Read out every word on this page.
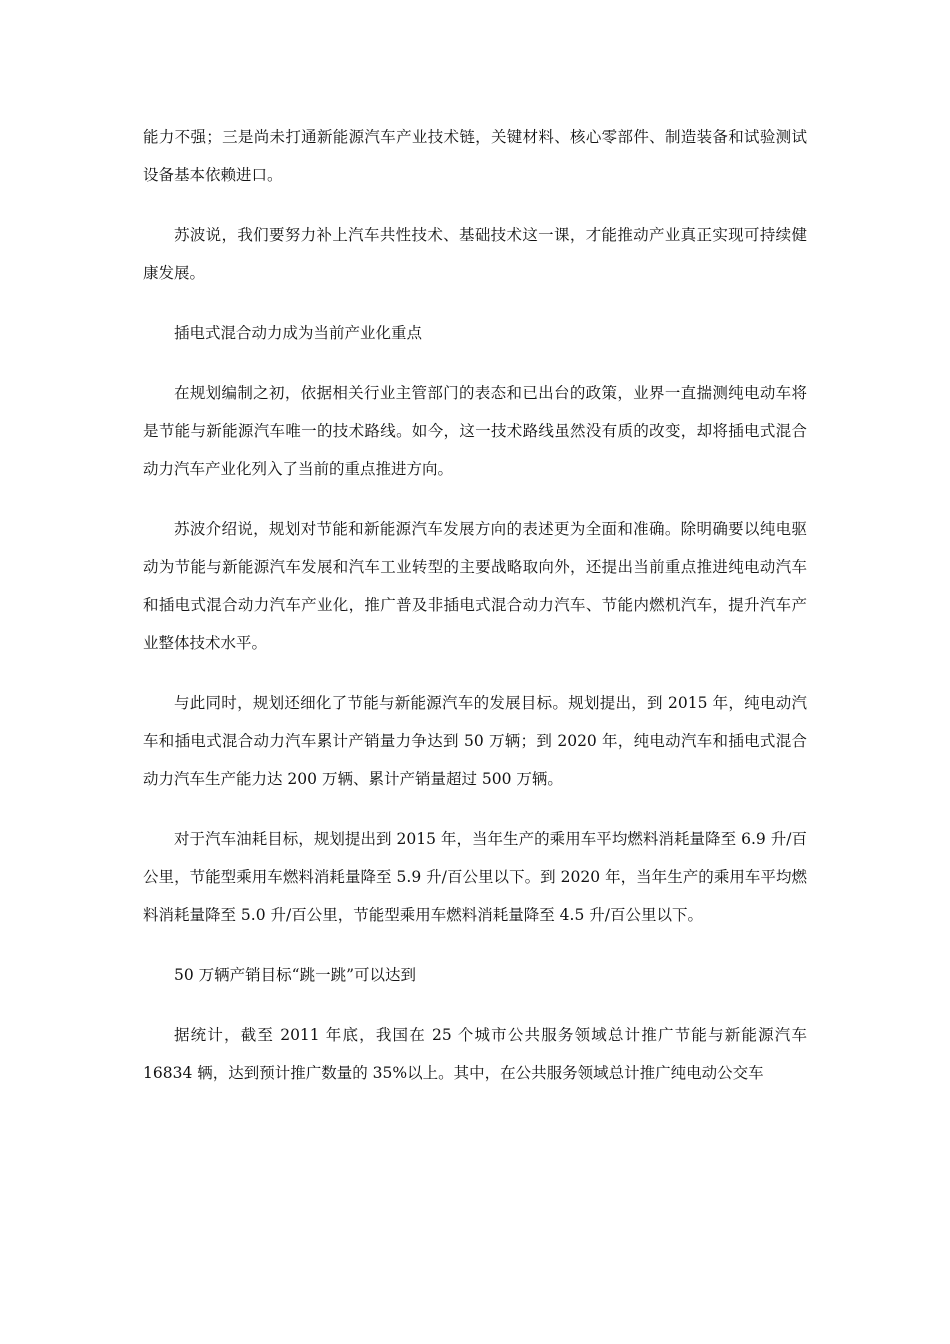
能力不强；三是尚未打通新能源汽车产业技术链，关键材料、核心零部件、制造装备和试验测试设备基本依赖进口。

苏波说，我们要努力补上汽车共性技术、基础技术这一课，才能推动产业真正实现可持续健康发展。

插电式混合动力成为当前产业化重点

在规划编制之初，依据相关行业主管部门的表态和已出台的政策，业界一直揣测纯电动车将是节能与新能源汽车唯一的技术路线。如今，这一技术路线虽然没有质的改变，却将插电式混合动力汽车产业化列入了当前的重点推进方向。

苏波介绍说，规划对节能和新能源汽车发展方向的表述更为全面和准确。除明确要以纯电驱动为节能与新能源汽车发展和汽车工业转型的主要战略取向外，还提出当前重点推进纯电动汽车和插电式混合动力汽车产业化，推广普及非插电式混合动力汽车、节能内燃机汽车，提升汽车产业整体技术水平。

与此同时，规划还细化了节能与新能源汽车的发展目标。规划提出，到 2015 年，纯电动汽车和插电式混合动力汽车累计产销量力争达到 50 万辆；到 2020 年，纯电动汽车和插电式混合动力汽车生产能力达 200 万辆、累计产销量超过 500 万辆。

对于汽车油耗目标，规划提出到 2015 年，当年生产的乘用车平均燃料消耗量降至 6.9 升/百公里，节能型乘用车燃料消耗量降至 5.9 升/百公里以下。到 2020 年，当年生产的乘用车平均燃料消耗量降至 5.0 升/百公里，节能型乘用车燃料消耗量降至 4.5 升/百公里以下。

50 万辆产销目标“跳一跳”可以达到

据统计，截至 2011 年底，我国在 25 个城市公共服务领域总计推广节能与新能源汽车 16834 辆，达到预计推广数量的 35%以上。其中，在公共服务领域总计推广纯电动公交车
